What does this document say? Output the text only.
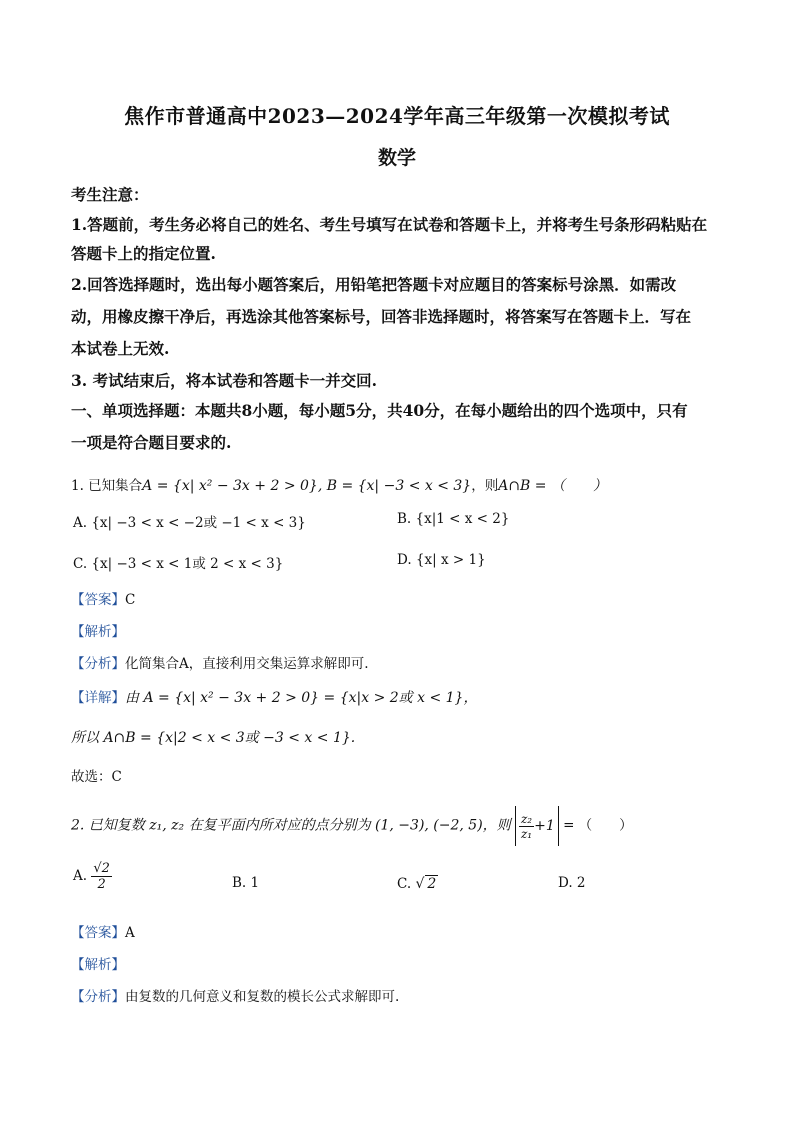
焦作市普通高中2023—2024学年高三年级第一次模拟考试
数学
考生注意：
1.答题前，考生务必将自己的姓名、考生号填写在试卷和答题卡上，并将考生号条形码粘贴在
答题卡上的指定位置.
2.回答选择题时，选出每小题答案后，用铅笔把答题卡对应题目的答案标号涂黑．如需改
动，用橡皮擦干净后，再选涂其他答案标号，回答非选择题时，将答案写在答题卡上．写在
本试卷上无效.
3. 考试结束后，将本试卷和答题卡一并交回.
一、单项选择题：本题共8小题，每小题5分，共40分，在每小题给出的四个选项中，只有
一项是符合题目要求的.
1. 已知集合A = {x| x² − 3x + 2 > 0}, B = {x| −3 < x < 3}，则A∩B = （　　）
A. {x| −3 < x < −2或 −1 < x < 3}	B. {x|1 < x < 2}
C. {x| −3 < x < 1或 2 < x < 3}	D. {x| x > 1}
【答案】C
【解析】
【分析】化简集合A，直接利用交集运算求解即可.
【详解】由 A = {x| x² − 3x + 2 > 0} = {x|x > 2或 x < 1}，
所以 A∩B = {x|2 < x < 3或 −3 < x < 1}.
故选：C
2. 已知复数 z₁, z₂ 在复平面内所对应的点分别为 (1, −3), (−2, 5)，则 $\frac{\text{z₂}}{\text{z₁}} +1$ = （　　）
A. $\frac{√2}{2}$	B. 1	C. √ 2	D. 2
【答案】A
【解析】
【分析】由复数的几何意义和复数的模长公式求解即可.
